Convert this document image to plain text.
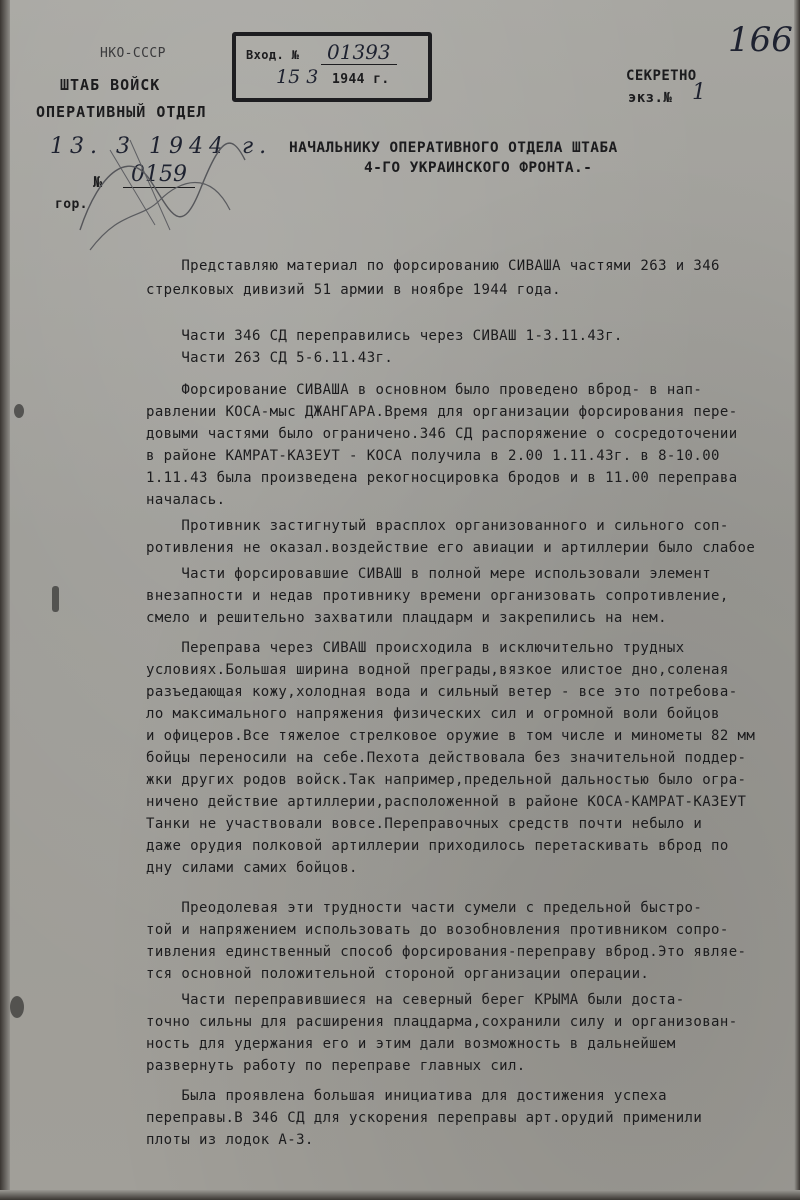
НКО-СССР
ШТАБ ВОЙСК
ОПЕРАТИВНЫЙ ОТДЕЛ
13. 3 1944 г.
№	0159
гор.
Вход. №	01393
15 3 1944 г.
166
СЕКРЕТНО
экз.№ 1
НАЧАЛЬНИКУ ОПЕРАТИВНОГО ОТДЕЛА ШТАБА
4-ГО УКРАИНСКОГО ФРОНТА.-
Представляю материал по форсированию СИВАША частями 263 и 346
стрелковых дивизий 51 армии в ноябре 1944 года.
Части 346 СД переправились через СИВАШ 1-3.11.43г.
Части 263 СД 5-6.11.43г.
Форсирование СИВАША в основном было проведено вброд- в нап-
равлении КОСА-мыс ДЖАНГАРА.Время для организации форсирования пере-
довыми частями было ограничено.346 СД распоряжение о сосредоточении
в районе КАМРАТ-КАЗЕУТ - КОСА получила в 2.00 1.11.43г. в 8-10.00
1.11.43 была произведена рекогносцировка бродов и в 11.00 переправа
началась.
Противник застигнутый врасплох организованного и сильного соп-
ротивления не оказал.воздействие его авиации и артиллерии было слабое
Части форсировавшие СИВАШ в полной мере использовали элемент
внезапности и недав противнику времени организовать сопротивление,
смело и решительно захватили плацдарм и закрепились на нем.
Переправа через СИВАШ происходила в исключительно трудных
условиях.Большая ширина водной преграды,вязкое илистое дно,соленая
разъедающая кожу,холодная вода и сильный ветер - все это потребова-
ло максимального напряжения физических сил и огромной воли бойцов
и офицеров.Все тяжелое стрелковое оружие в том числе и минометы 82 мм
бойцы переносили на себе.Пехота действовала без значительной поддер-
жки других родов войск.Так например,предельной дальностью было огра-
ничено действие артиллерии,расположенной в районе КОСА-КАМРАТ-КАЗЕУТ
Танки не участвовали вовсе.Переправочных средств почти небыло и
даже орудия полковой артиллерии приходилось перетаскивать вброд по
дну силами самих бойцов.
Преодолевая эти трудности части сумели с предельной быстро-
той и напряжением использовать до возобновления противником сопро-
тивления единственный способ форсирования-переправу вброд.Это являе-
тся основной положительной стороной организации операции.
Части переправившиеся на северный берег КРЫМА были доста-
точно сильны для расширения плацдарма,сохранили силу и организован-
ность для удержания его и этим дали возможность в дальнейшем
развернуть работу по переправе главных сил.
Была проявлена большая инициатива для достижения успеха
переправы.В 346 СД для ускорения переправы арт.орудий применили
плоты из лодок А-3.
